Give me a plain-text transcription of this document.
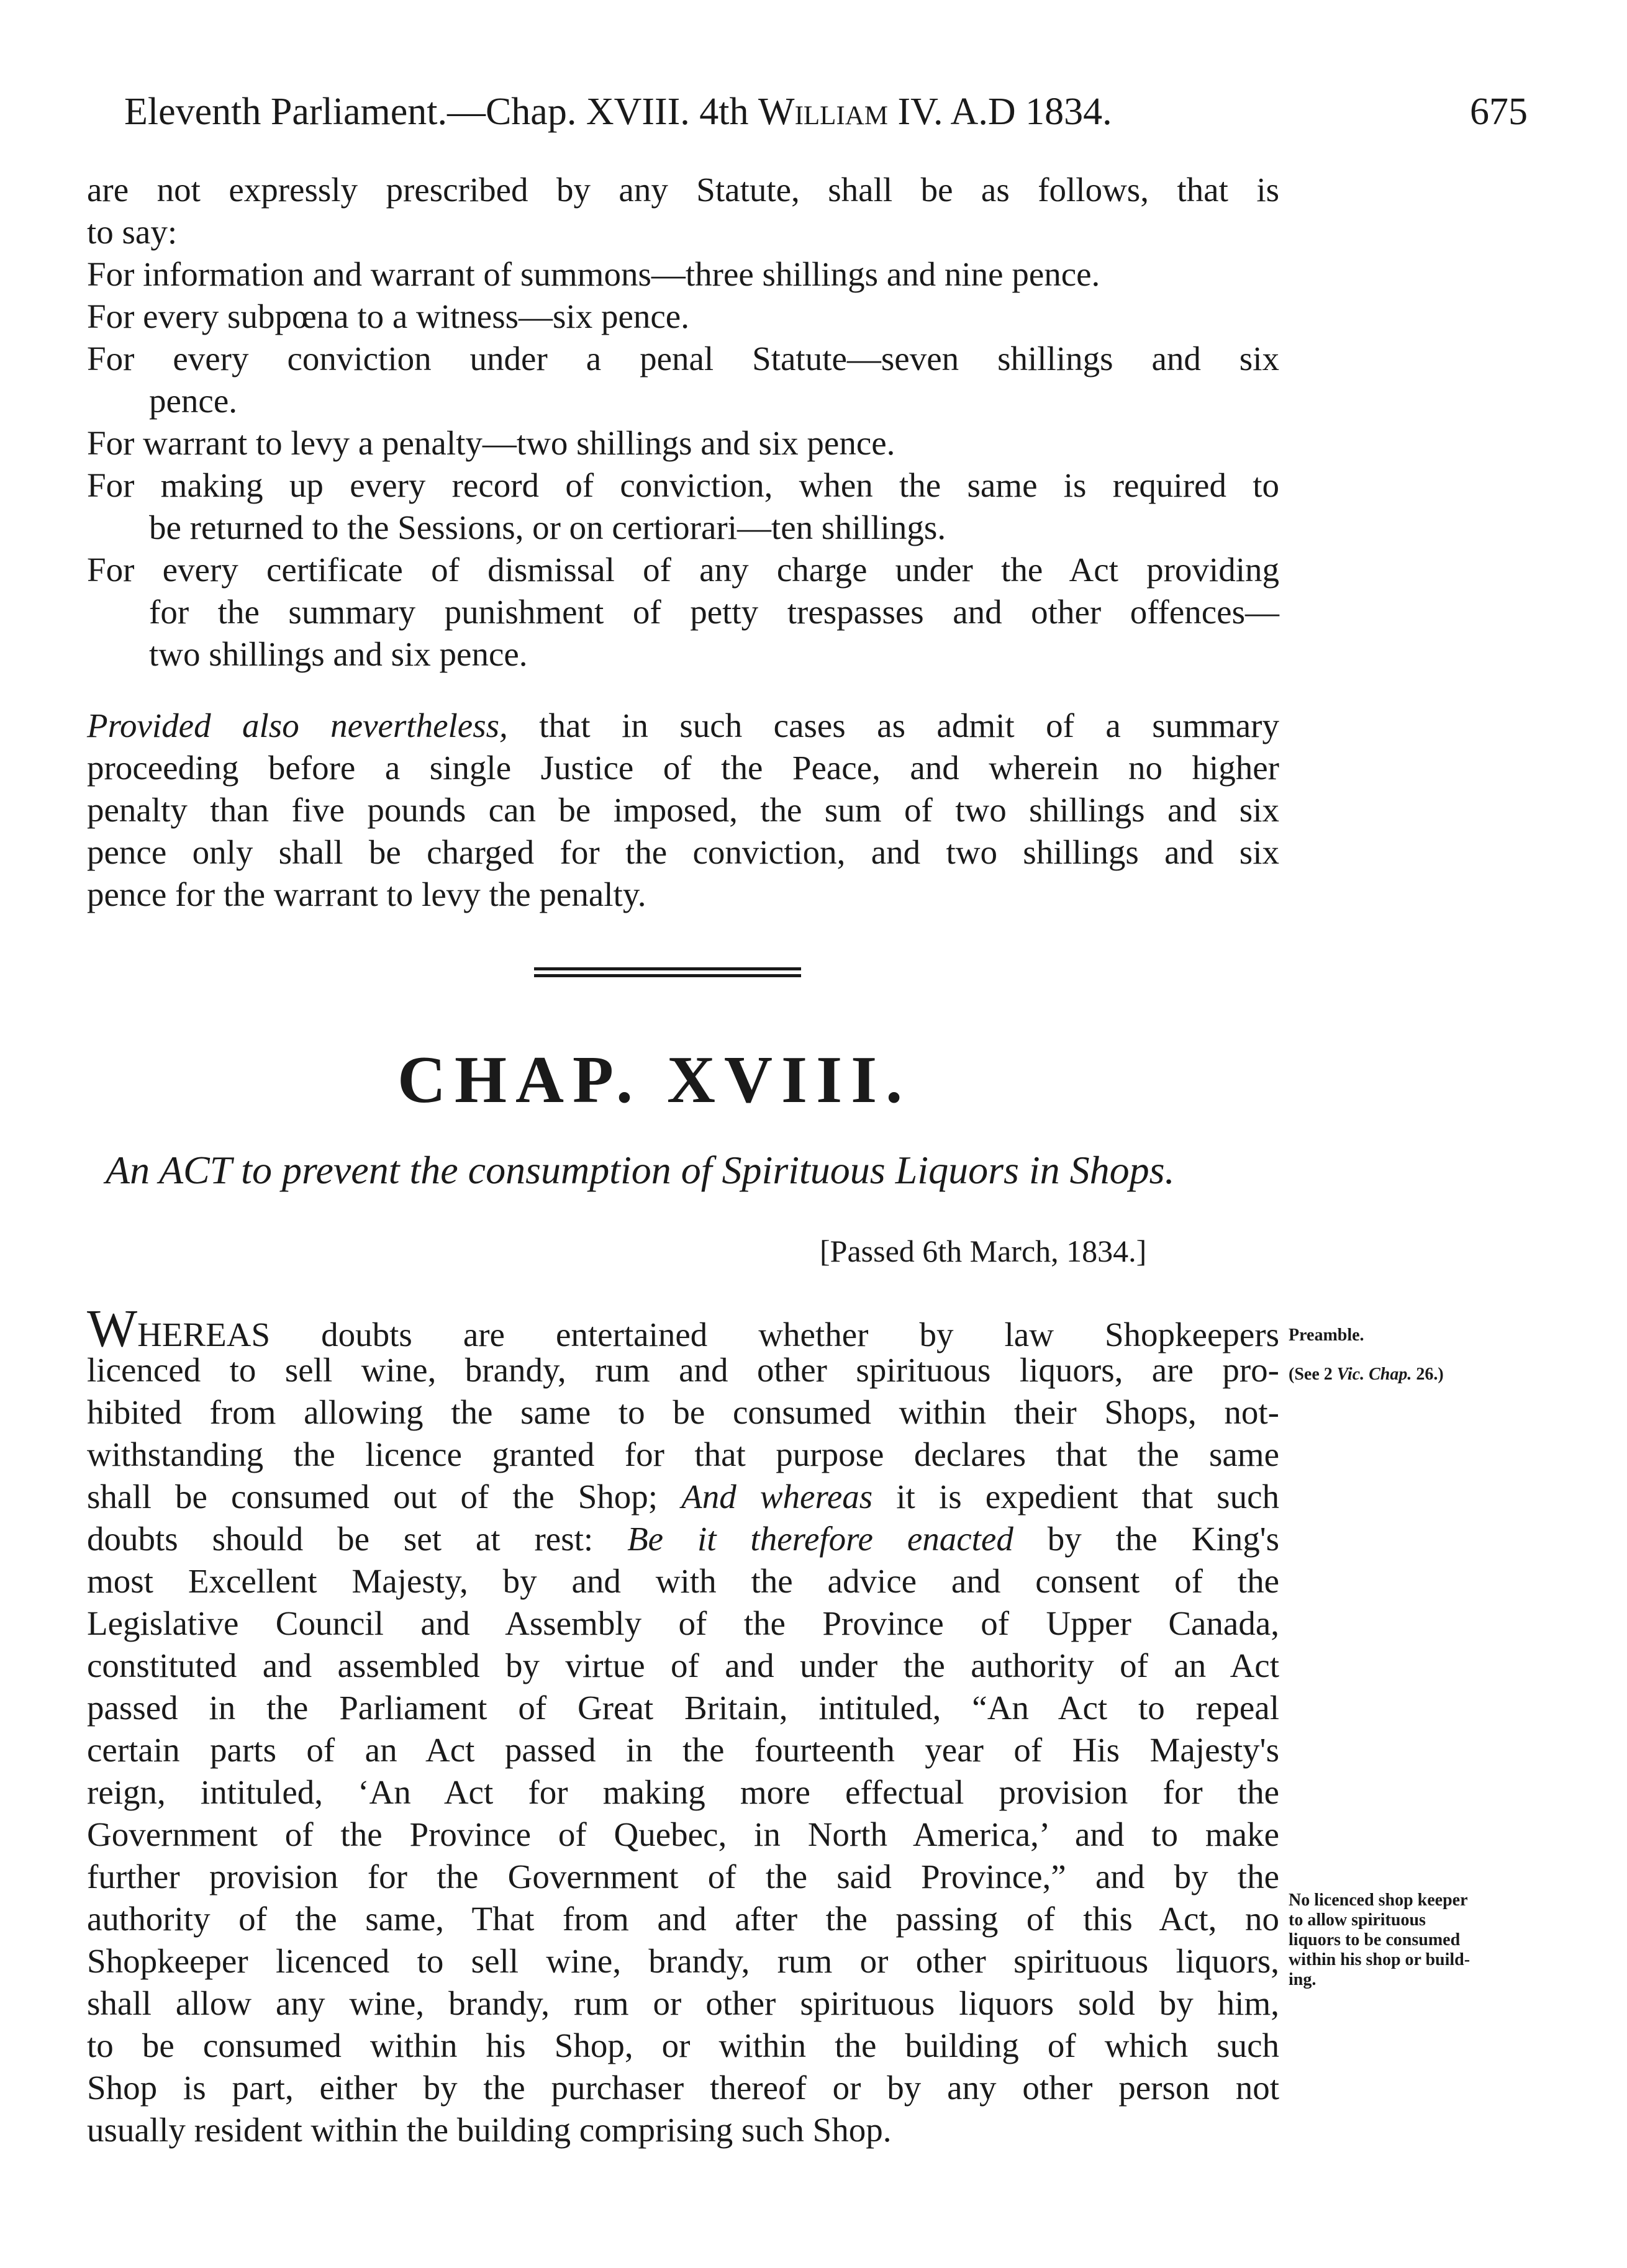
Eleventh Parliament.—Chap. XVIII. 4th William IV. A.D 1834.	675
are not expressly prescribed by any Statute, shall be as follows, that is
to say:
For information and warrant of summons—three shillings and nine pence.
For every subpœna to a witness—six pence.
For every conviction under a penal Statute—seven shillings and six
pence.
For warrant to levy a penalty—two shillings and six pence.
For making up every record of conviction, when the same is required to
be returned to the Sessions, or on certiorari—ten shillings.
For every certificate of dismissal of any charge under the Act providing
for the summary punishment of petty trespasses and other offences—
two shillings and six pence.
Provided also nevertheless, that in such cases as admit of a summary
proceeding before a single Justice of the Peace, and wherein no higher
penalty than five pounds can be imposed, the sum of two shillings and six
pence only shall be charged for the conviction, and two shillings and six
pence for the warrant to levy the penalty.
CHAP. XVIII.
An ACT to prevent the consumption of Spirituous Liquors in Shops.
[Passed 6th March, 1834.]
WHEREAS doubts are entertained whether by law Shopkeepers
licenced to sell wine, brandy, rum and other spirituous liquors, are pro-
hibited from allowing the same to be consumed within their Shops, not-
withstanding the licence granted for that purpose declares that the same
shall be consumed out of the Shop; And whereas it is expedient that such
doubts should be set at rest: Be it therefore enacted by the King's
most Excellent Majesty, by and with the advice and consent of the
Legislative Council and Assembly of the Province of Upper Canada,
constituted and assembled by virtue of and under the authority of an Act
passed in the Parliament of Great Britain, intituled, “An Act to repeal
certain parts of an Act passed in the fourteenth year of His Majesty's
reign, intituled, ‘An Act for making more effectual provision for the
Government of the Province of Quebec, in North America,’ and to make
further provision for the Government of the said Province,” and by the
authority of the same, That from and after the passing of this Act, no
Shopkeeper licenced to sell wine, brandy, rum or other spirituous liquors,
shall allow any wine, brandy, rum or other spirituous liquors sold by him,
to be consumed within his Shop, or within the building of which such
Shop is part, either by the purchaser thereof or by any other person not
usually resident within the building comprising such Shop.
Preamble.
(See 2 Vic. Chap. 26.)
No licenced shop keeper
to allow spirituous
liquors to be consumed
within his shop or build-
ing.
